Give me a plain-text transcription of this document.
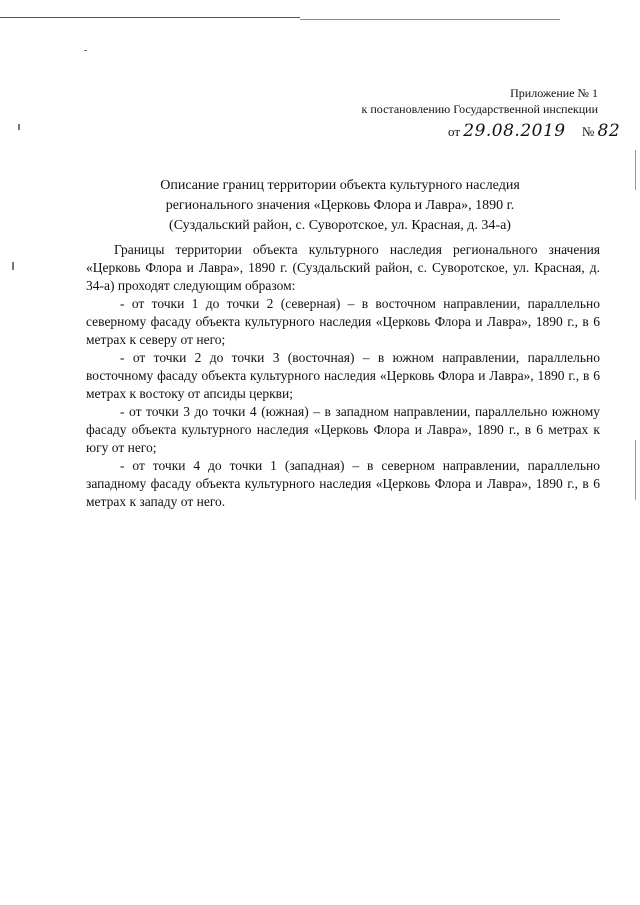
Приложение № 1
к постановлению Государственной инспекции
от 29.08.2019 № 82
Описание границ территории объекта культурного наследия
регионального значения «Церковь Флора и Лавра», 1890 г.
(Суздальский район, с. Суворотское, ул. Красная, д. 34-а)

Границы территории объекта культурного наследия регионального значения «Церковь Флора и Лавра», 1890 г. (Суздальский район, с. Суворотское, ул. Красная, д. 34-а) проходят следующим образом:

- от точки 1 до точки 2 (северная) – в восточном направлении, параллельно северному фасаду объекта культурного наследия «Церковь Флора и Лавра», 1890 г., в 6 метрах к северу от него;

- от точки 2 до точки 3 (восточная) – в южном направлении, параллельно восточному фасаду объекта культурного наследия «Церковь Флора и Лавра», 1890 г., в 6 метрах к востоку от апсиды церкви;

- от точки 3 до точки 4 (южная) – в западном направлении, параллельно южному фасаду объекта культурного наследия «Церковь Флора и Лавра», 1890 г., в 6 метрах к югу от него;

- от точки 4 до точки 1 (западная) – в северном направлении, параллельно западному фасаду объекта культурного наследия «Церковь Флора и Лавра», 1890 г., в 6 метрах к западу от него.
